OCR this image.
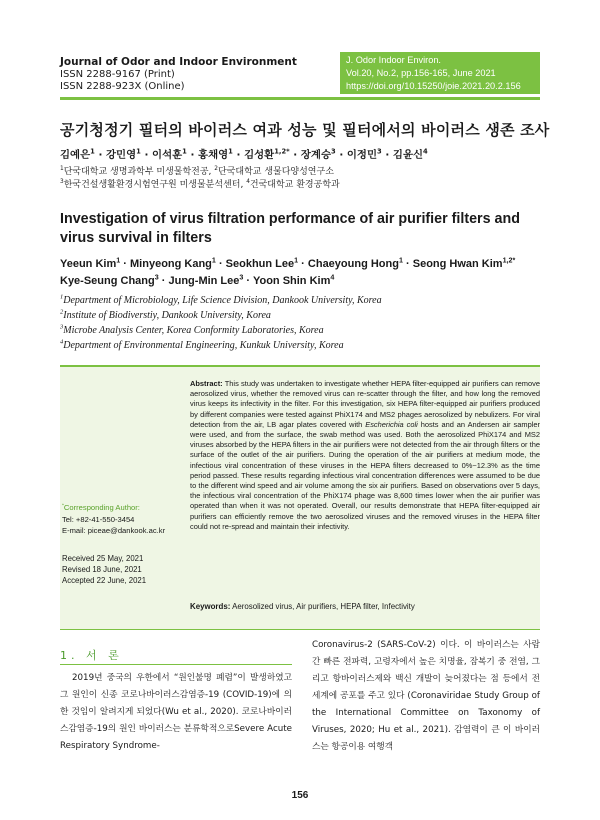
Journal of Odor and Indoor Environment
ISSN 2288-9167 (Print)
ISSN 2288-923X (Online)
J. Odor Indoor Environ.
Vol.20, No.2, pp.156-165, June 2021
https://doi.org/10.15250/joie.2021.20.2.156
공기청정기 필터의 바이러스 여과 성능 및 필터에서의 바이러스 생존 조사
김예은$^1$ · 강민영$^1$ · 이석훈$^1$ · 홍채영$^1$ · 김성환$^{1,2*}$ · 장계승$^3$ · 이정민$^3$ · 김윤신$^4$
$^1$단국대학교 생명과학부 미생물학전공, $^2$단국대학교 생물다양성연구소
$^3$한국건설생활환경시험연구원 미생물분석센터, $^4$건국대학교 환경공학과
Investigation of virus filtration performance of air purifier filters and virus survival in filters
Yeeun Kim$^1$ · Minyeong Kang$^1$ · Seokhun Lee$^1$ · Chaeyoung Hong$^1$ · Seong Hwan Kim$^{1,2*}$
Kye-Seung Chang$^3$ · Jung-Min Lee$^3$ · Yoon Shin Kim$^4$
$^1$Department of Microbiology, Life Science Division, Dankook University, Korea
$^2$Institute of Biodiverstiy, Dankook University, Korea
$^3$Microbe Analysis Center, Korea Conformity Laboratories, Korea
$^4$Department of Environmental Engineering, Kunkuk University, Korea
Abstract: This study was undertaken to investigate whether HEPA filter-equipped air purifiers can remove aerosolized virus, whether the removed virus can re-scatter through the filter, and how long the removed virus keeps its infectivity in the filter. For this investigation, six HEPA filter-equipped air purifiers produced by different companies were tested against PhiX174 and MS2 phages aerosolized by nebulizers. For viral detection from the air, LB agar plates covered with Escherichia coli hosts and an Andersen air sampler were used, and from the surface, the swab method was used. Both the aerosolized PhiX174 and MS2 viruses absorbed by the HEPA filters in the air purifiers were not detected from the air through filters or the surface of the outlet of the air purifiers. During the operation of the air purifiers at medium mode, the infectious viral concentration of these viruses in the HEPA filters decreased to 0%~12.3% as the time period passed. These results regarding infectious viral concentration differences were assumed to be due to the different wind speed and air volume among the six air purifiers. Based on observations over 5 days, the infectious viral concentration of the PhiX174 phage was 8,600 times lower when the air purifier was operated than when it was not operated. Overall, our results demonstrate that HEPA filter-equipped air purifiers can efficiently remove the two aerosolized viruses and the removed viruses in the HEPA filter could not re-spread and maintain their infectivity.
Keywords: Aerosolized virus, Air purifiers, HEPA filter, Infectivity
*Corresponding Author:
Tel: +82-41-550-3454
E-mail: piceae@dankook.ac.kr
Received 25 May, 2021
Revised 18 June, 2021
Accepted 22 June, 2021
1. 서 론

2019년 중국의 우한에서 “원인불명 폐렴”이 발생하였고 그 원인이 신종 코로나바이러스감염증-19 (COVID-19)에 의한 것임이 알려지게 되었다(Wu et al., 2020). 코로나바이러스감염증-19의 원인 바이러스는 분류학적으로Severe Acute Respiratory Syndrome-

Coronavirus-2 (SARS-CoV-2) 이다. 이 바이러스는 사람 간 빠른 전파력, 고령자에서 높은 치명율, 잠복기 중 전염, 그리고 항바이러스제와 백신 개발이 늦어졌다는 점 등에서 전 세계에 공포를 주고 있다 (Coronaviridae Study Group of the International Committee on Taxonomy of Viruses, 2020; Hu et al., 2021). 감염력이 큰 이 바이러스는 항공이용 여행객

156
